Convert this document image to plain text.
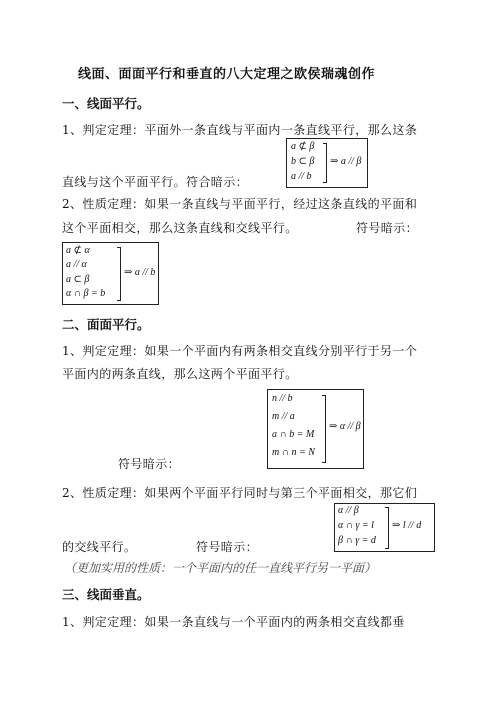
线面、面面平行和垂直的八大定理之欧侯瑞魂创作
一、线面平行。
1、判定定理：平面外一条直线与平面内一条直线平行，那么这条
a ⊄ β
b ⊂ β
a // b
⇒ a // β
直线与这个平面平行。符合暗示：
2、性质定理：如果一条直线与平面平行，经过这条直线的平面和
这个平面相交，那么这条直线和交线平行。	符号暗示：
a ⊄ α
a // α
a ⊂ β
α ∩ β = b
⇒ a // b
二、面面平行。
1、判定定理：如果一个平面内有两条相交直线分别平行于另一个
平面内的两条直线，那么这两个平面平行。
n // b
m // a
a ∩ b = M
m ∩ n = N
⇒ α // β
符号暗示：
2、性质定理：如果两个平面平行同时与第三个平面相交，那它们
α // β
α ∩ γ = l
β ∩ γ = d
⇒ l // d
的交线平行。	符号暗示：
（更加实用的性质：一个平面内的任一直线平行另一平面）
三、线面垂直。
1、判定定理：如果一条直线与一个平面内的两条相交直线都垂
